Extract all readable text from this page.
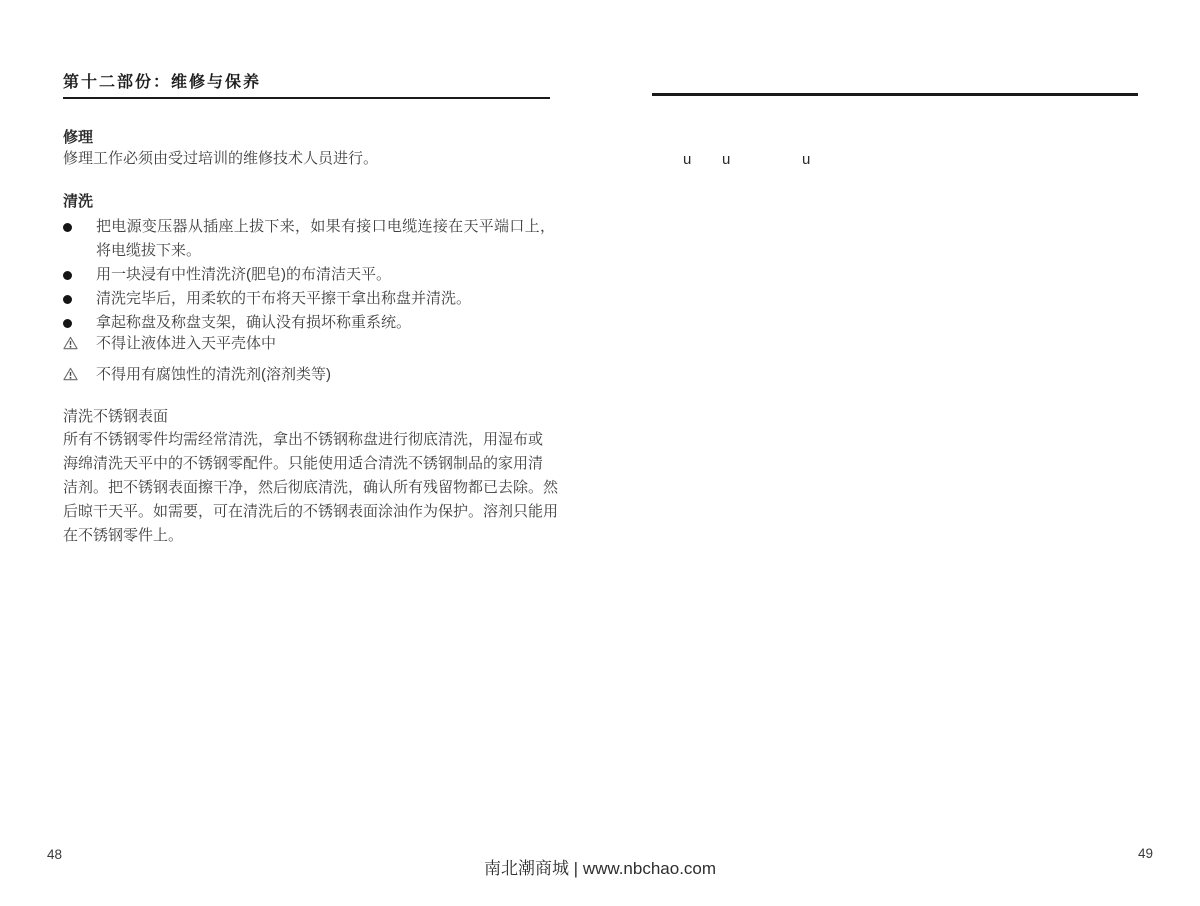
第十二部份：维修与保养
修理
修理工作必须由受过培训的维修技术人员进行。	u u	u
清洗
把电源变压器从插座上拔下来，如果有接口电缆连接在天平端口上，将电缆拔下来。
用一块浸有中性清洗济(肥皂)的布清洁天平。
清洗完毕后，用柔软的干布将天平擦干拿出称盘并清洗。
拿起称盘及称盘支架，确认没有损坏称重系统。
不得让液体进入天平壳体中
不得用有腐蚀性的清洗剂(溶剂类等)
清洗不锈钢表面
所有不锈钢零件均需经常清洗，拿出不锈钢称盘进行彻底清洗，用湿布或
海绵清洗天平中的不锈钢零配件。只能使用适合清洗不锈钢制品的家用清
洁剂。把不锈钢表面擦干净，然后彻底清洗，确认所有残留物都已去除。然
后晾干天平。如需要，可在清洗后的不锈钢表面涂油作为保护。溶剂只能用
在不锈钢零件上。
48	49
南北潮商城 | www.nbchao.com
